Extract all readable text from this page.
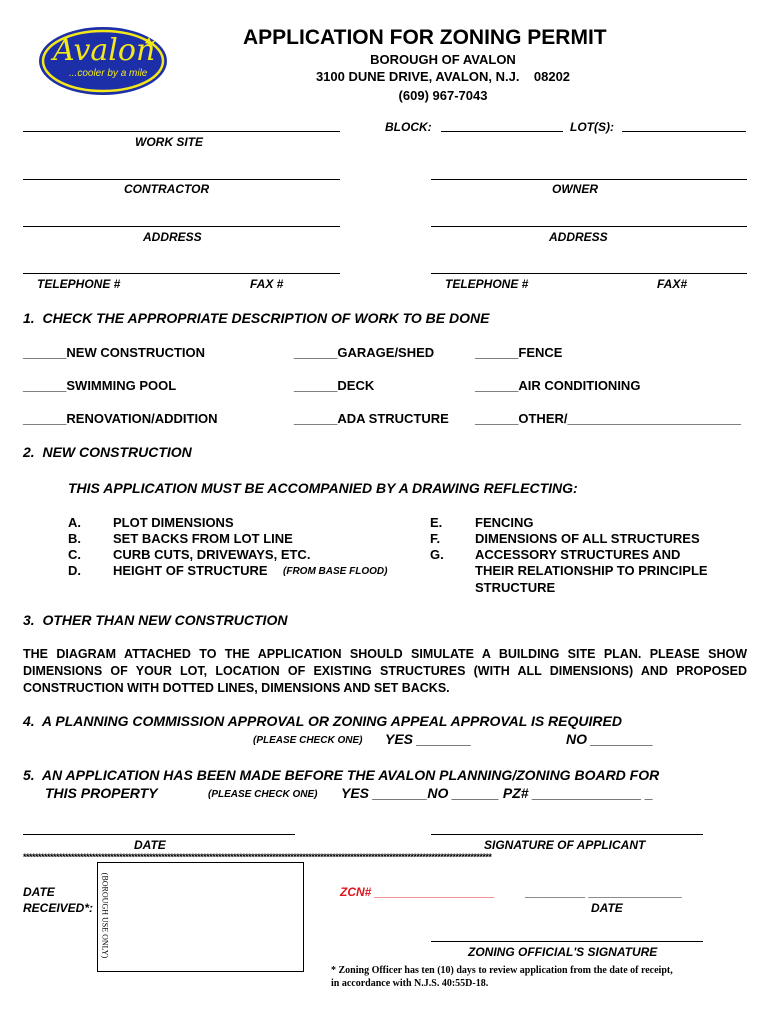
Avalon
...cooler by a mile
APPLICATION FOR ZONING PERMIT
BOROUGH OF AVALON
3100 DUNE DRIVE, AVALON, N.J.    08202
(609) 967-7043
WORK SITE
BLOCK:	LOT(S):
CONTRACTOR	OWNER
ADDRESS	ADDRESS
TELEPHONE #	FAX #	TELEPHONE #	FAX#
1.  CHECK THE APPROPRIATE DESCRIPTION OF WORK TO BE DONE
______NEW CONSTRUCTION	______GARAGE/SHED	______FENCE
______SWIMMING POOL	______DECK	______AIR CONDITIONING
______RENOVATION/ADDITION	______ADA STRUCTURE ______OTHER/________________________
2.  NEW CONSTRUCTION
THIS APPLICATION MUST BE ACCOMPANIED BY A DRAWING REFLECTING:
A. PLOT DIMENSIONS
B. SET BACKS FROM LOT LINE
C. CURB CUTS, DRIVEWAYS, ETC.
D. HEIGHT OF STRUCTURE (FROM BASE FLOOD)
E.	FENCING
F.	DIMENSIONS OF ALL STRUCTURES
G. ACCESSORY STRUCTURES AND
THEIR RELATIONSHIP TO PRINCIPLE
STRUCTURE
3.  OTHER THAN NEW CONSTRUCTION
THE DIAGRAM ATTACHED TO THE APPLICATION SHOULD SIMULATE A BUILDING SITE PLAN. PLEASE SHOW DIMENSIONS OF YOUR LOT, LOCATION OF EXISTING STRUCTURES (WITH ALL DIMENSIONS) AND PROPOSED CONSTRUCTION WITH DOTTED LINES, DIMENSIONS AND SET BACKS.
4.  A PLANNING COMMISSION APPROVAL OR ZONING APPEAL APPROVAL IS REQUIRED
(PLEASE CHECK ONE) YES _______	NO ________
5.  AN APPLICATION HAS BEEN MADE BEFORE THE AVALON PLANNING/ZONING BOARD FOR
THIS PROPERTY	(PLEASE CHECK ONE) YES _______NO ______ PZ# ______________ _
DATE	SIGNATURE OF APPLICANT
************************************************************************************************************************************************************
DATE
RECEIVED*: (BOROUGH USE ONLY)	ZCN# __________________	_________ ______________
DATE
ZONING OFFICIAL'S SIGNATURE
* Zoning Officer has ten (10) days to review application from the date of receipt,
in accordance with N.J.S. 40:55D-18.
